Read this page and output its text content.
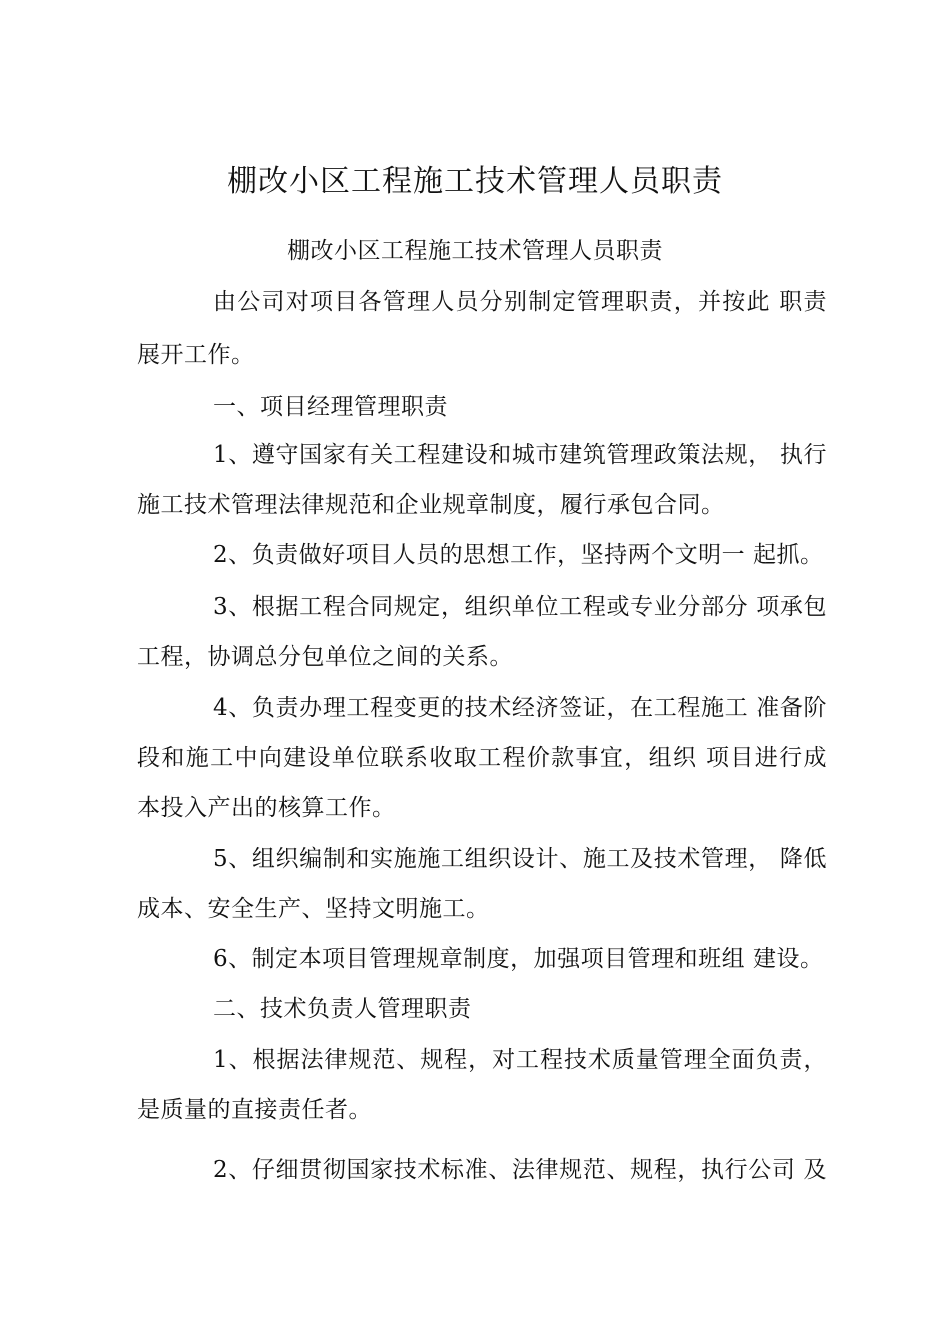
棚改小区工程施工技术管理人员职责

棚改小区工程施工技术管理人员职责

由公司对项目各管理人员分别制定管理职责，并按此 职责

展开工作。

一、项目经理管理职责

1、遵守国家有关工程建设和城市建筑管理政策法规， 执行

施工技术管理法律规范和企业规章制度，履行承包合同。

2、负责做好项目人员的思想工作，坚持两个文明一 起抓。

3、根据工程合同规定，组织单位工程或专业分部分 项承包

工程，协调总分包单位之间的关系。

4、负责办理工程变更的技术经济签证，在工程施工 准备阶

段和施工中向建设单位联系收取工程价款事宜，组织 项目进行成

本投入产出的核算工作。

5、组织编制和实施施工组织设计、施工及技术管理， 降低

成本、安全生产、坚持文明施工。

6、制定本项目管理规章制度，加强项目管理和班组 建设。

二、技术负责人管理职责

1、根据法律规范、规程，对工程技术质量管理全面负责，

是质量的直接责任者。

2、仔细贯彻国家技术标准、法律规范、规程，执行公司 及
